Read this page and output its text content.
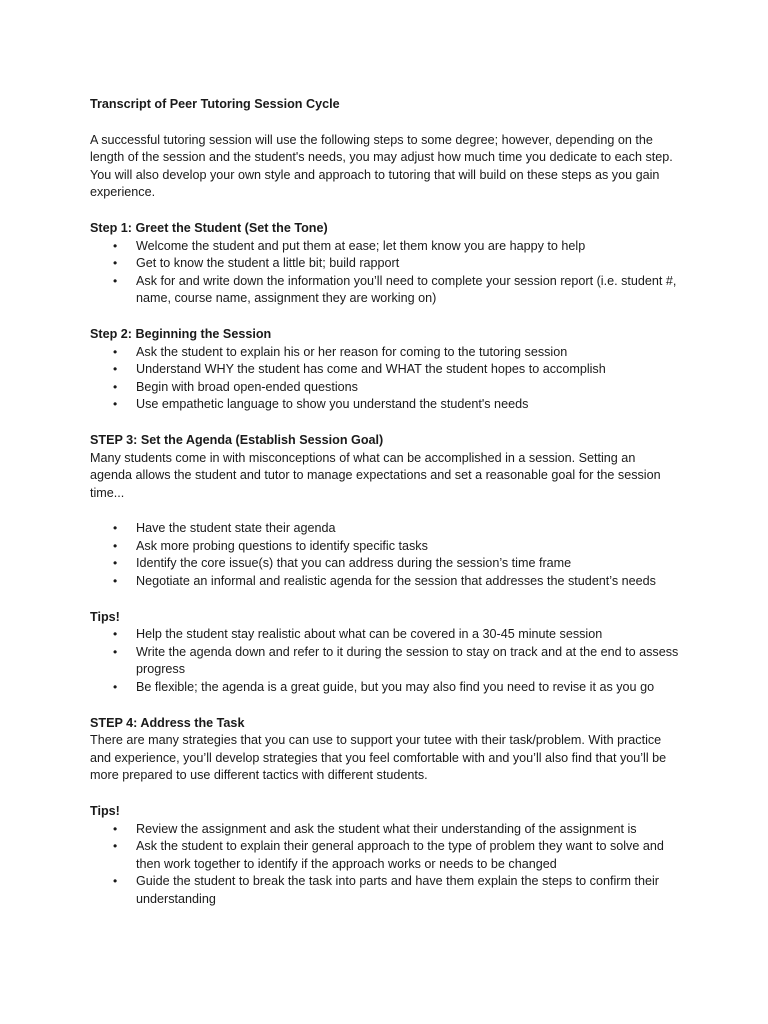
Transcript of Peer Tutoring Session Cycle

A successful tutoring session will use the following steps to some degree; however, depending on the length of the session and the student's needs, you may adjust how much time you dedicate to each step. You will also develop your own style and approach to tutoring that will build on these steps as you gain experience.

Step 1: Greet the Student (Set the Tone)

• Welcome the student and put them at ease; let them know you are happy to help
• Get to know the student a little bit; build rapport
• Ask for and write down the information you’ll need to complete your session report (i.e. student #, name, course name, assignment they are working on)

Step 2: Beginning the Session

• Ask the student to explain his or her reason for coming to the tutoring session
• Understand WHY the student has come and WHAT the student hopes to accomplish
• Begin with broad open-ended questions
• Use empathetic language to show you understand the student's needs

STEP 3: Set the Agenda (Establish Session Goal)

Many students come in with misconceptions of what can be accomplished in a session. Setting an agenda allows the student and tutor to manage expectations and set a reasonable goal for the session time...

• Have the student state their agenda
• Ask more probing questions to identify specific tasks
• Identify the core issue(s) that you can address during the session’s time frame
• Negotiate an informal and realistic agenda for the session that addresses the student’s needs

Tips!

• Help the student stay realistic about what can be covered in a 30-45 minute session
• Write the agenda down and refer to it during the session to stay on track and at the end to assess progress
• Be flexible; the agenda is a great guide, but you may also find you need to revise it as you go

STEP 4: Address the Task

There are many strategies that you can use to support your tutee with their task/problem. With practice and experience, you’ll develop strategies that you feel comfortable with and you’ll also find that you’ll be more prepared to use different tactics with different students.

Tips!

• Review the assignment and ask the student what their understanding of the assignment is
• Ask the student to explain their general approach to the type of problem they want to solve and then work together to identify if the approach works or needs to be changed
• Guide the student to break the task into parts and have them explain the steps to confirm their understanding
